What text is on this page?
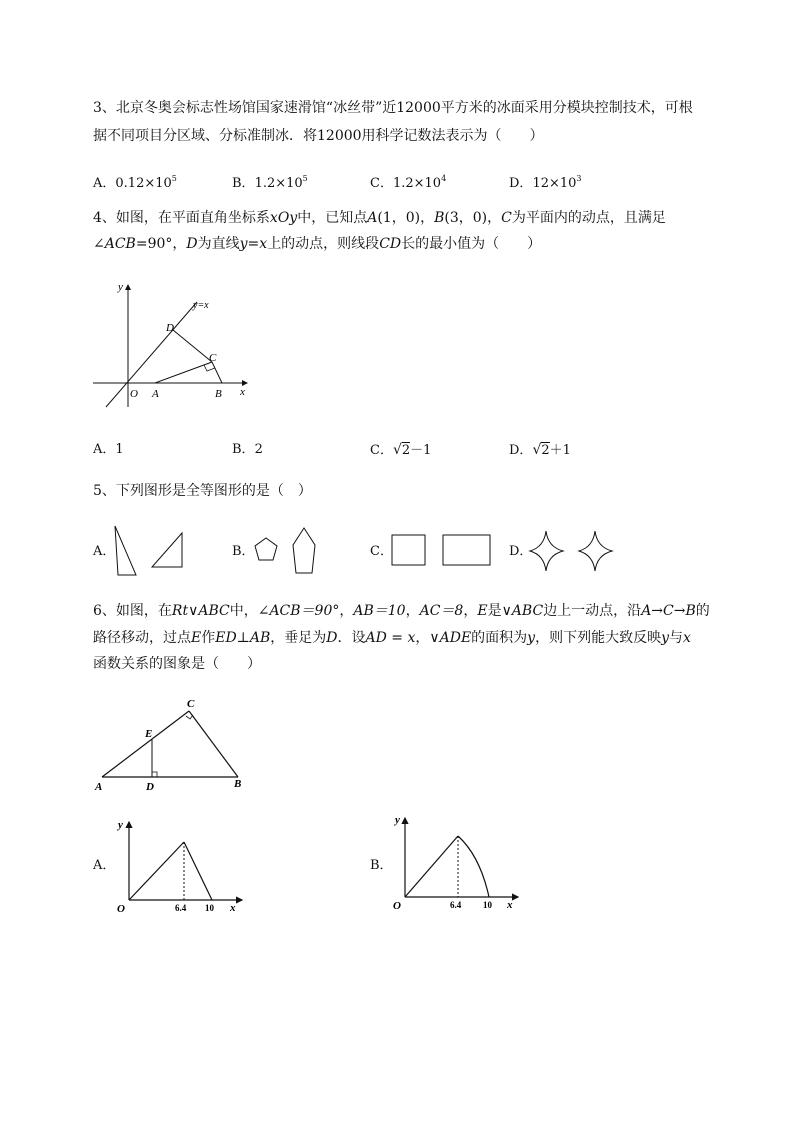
3、北京冬奥会标志性场馆国家速滑馆“冰丝带”近12000平方米的冰面采用分模块控制技术，可根
据不同项目分区域、分标准制冰．将12000用科学记数法表示为（　　）
A．$0.12\times 10^5$	B．$1.2\times 10^5$	C．$1.2\times 10^4$	D．$12\times 10^3$
4、如图，在平面直角坐标系xOy中，已知点A(1，0)，B(3，0)，C为平面内的动点，且满足
∠ACB=90°，D为直线y=x上的动点，则线段CD长的最小值为（　　）
y
y=x
D
C
O A	B x
A．1	B．2	C．√2－1	D．√2＋1
5、下列图形是全等图形的是（　）
A．	B．	C．	D．
6、如图，在Rt∨ABC中，∠ACB＝90°，AB＝10，AC＝8，E是∨ABC边上一动点，沿A→C→B的
路径移动，过点E作ED⊥AB，垂足为D．设AD = x，∨ADE的面积为y，则下列能大致反映y与x
函数关系的图象是（　　）
C
E
A	D	B
A．
y
O	6.4 10 x
B．
y
O	6.4 10 x
